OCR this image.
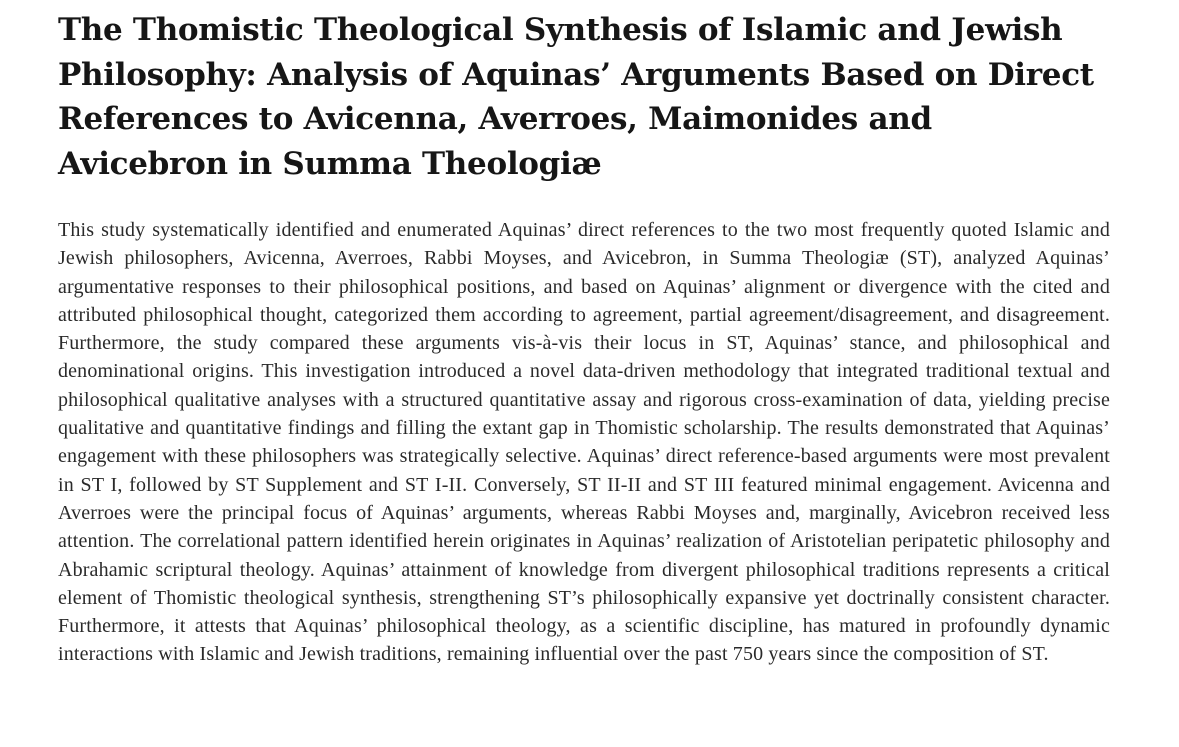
The Thomistic Theological Synthesis of Islamic and Jewish Philosophy: Analysis of Aquinas’ Arguments Based on Direct References to Avicenna, Averroes, Maimonides and Avicebron in Summa Theologiæ

This study systematically identified and enumerated Aquinas’ direct references to the two most frequently quoted Islamic and Jewish philosophers, Avicenna, Averroes, Rabbi Moyses, and Avicebron, in Summa Theologiæ (ST), analyzed Aquinas’ argumentative responses to their philosophical positions, and based on Aquinas’ alignment or divergence with the cited and attributed philosophical thought, categorized them according to agreement, partial agreement/disagreement, and disagreement. Furthermore, the study compared these arguments vis-à-vis their locus in ST, Aquinas’ stance, and philosophical and denominational origins. This investigation introduced a novel data-driven methodology that integrated traditional textual and philosophical qualitative analyses with a structured quantitative assay and rigorous cross-examination of data, yielding precise qualitative and quantitative findings and filling the extant gap in Thomistic scholarship. The results demonstrated that Aquinas’ engagement with these philosophers was strategically selective. Aquinas’ direct reference-based arguments were most prevalent in ST I, followed by ST Supplement and ST I-II. Conversely, ST II-II and ST III featured minimal engagement. Avicenna and Averroes were the principal focus of Aquinas’ arguments, whereas Rabbi Moyses and, marginally, Avicebron received less attention. The correlational pattern identified herein originates in Aquinas’ realization of Aristotelian peripatetic philosophy and Abrahamic scriptural theology. Aquinas’ attainment of knowledge from divergent philosophical traditions represents a critical element of Thomistic theological synthesis, strengthening ST’s philosophically expansive yet doctrinally consistent character. Furthermore, it attests that Aquinas’ philosophical theology, as a scientific discipline, has matured in profoundly dynamic interactions with Islamic and Jewish traditions, remaining influential over the past 750 years since the composition of ST.
